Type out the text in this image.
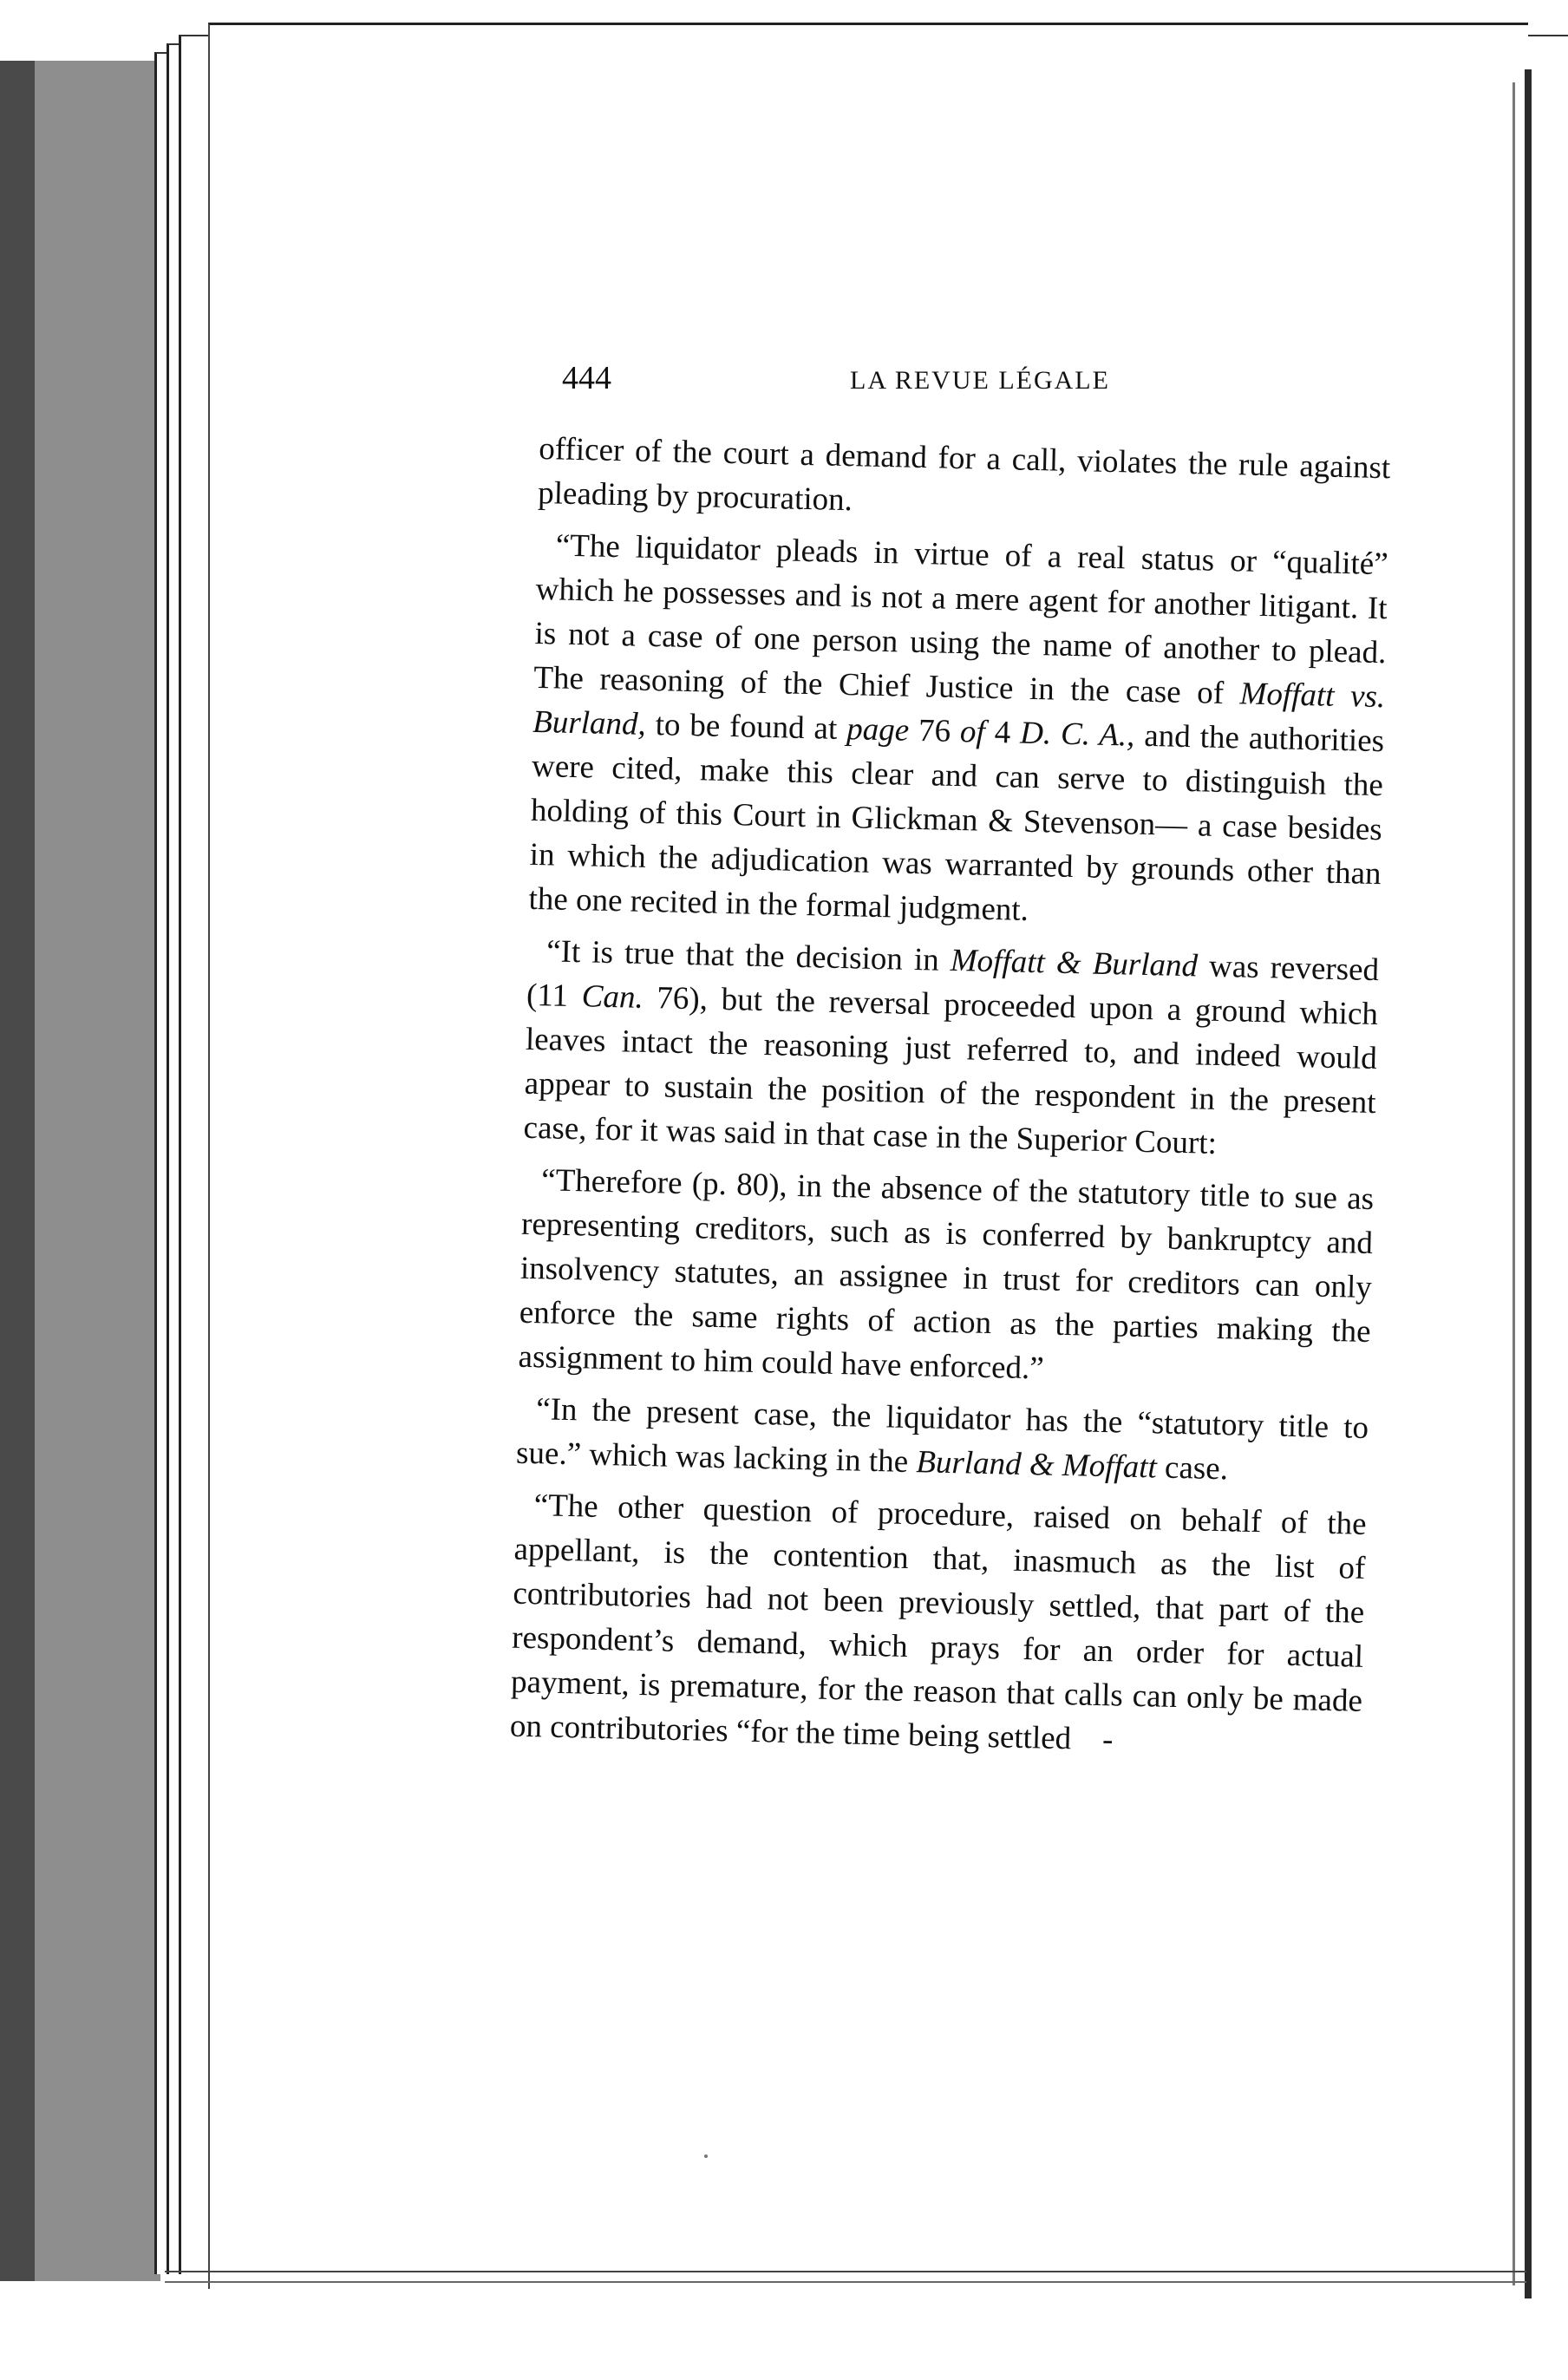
444	LA REVUE LÉGALE

officer of the court a demand for a call, violates the rule against pleading by procuration.

“The liquidator pleads in virtue of a real status or “qualité” which he possesses and is not a mere agent for another litigant. It is not a case of one person using the name of another to plead. The reasoning of the Chief Justice in the case of Moffatt vs. Burland, to be found at page 76 of 4 D. C. A., and the authorities were cited, make this clear and can serve to distinguish the holding of this Court in Glickman & Stevenson— a case besides in which the adjudication was warranted by grounds other than the one recited in the formal judgment.

“It is true that the decision in Moffatt & Burland was reversed (11 Can. 76), but the reversal proceeded upon a ground which leaves intact the reasoning just referred to, and indeed would appear to sustain the position of the respondent in the present case, for it was said in that case in the Superior Court:

“Therefore (p. 80), in the absence of the statutory title to sue as representing creditors, such as is conferred by bankruptcy and insolvency statutes, an assignee in trust for creditors can only enforce the same rights of action as the parties making the assignment to him could have enforced.”

“In the present case, the liquidator has the “statutory title to sue.” which was lacking in the Burland & Moffatt case.

“The other question of procedure, raised on behalf of the appellant, is the contention that, inasmuch as the list of contributories had not been previously settled, that part of the respondent’s demand, which prays for an order for actual payment, is premature, for the reason that calls can only be made on contributories “for the time being settled -
